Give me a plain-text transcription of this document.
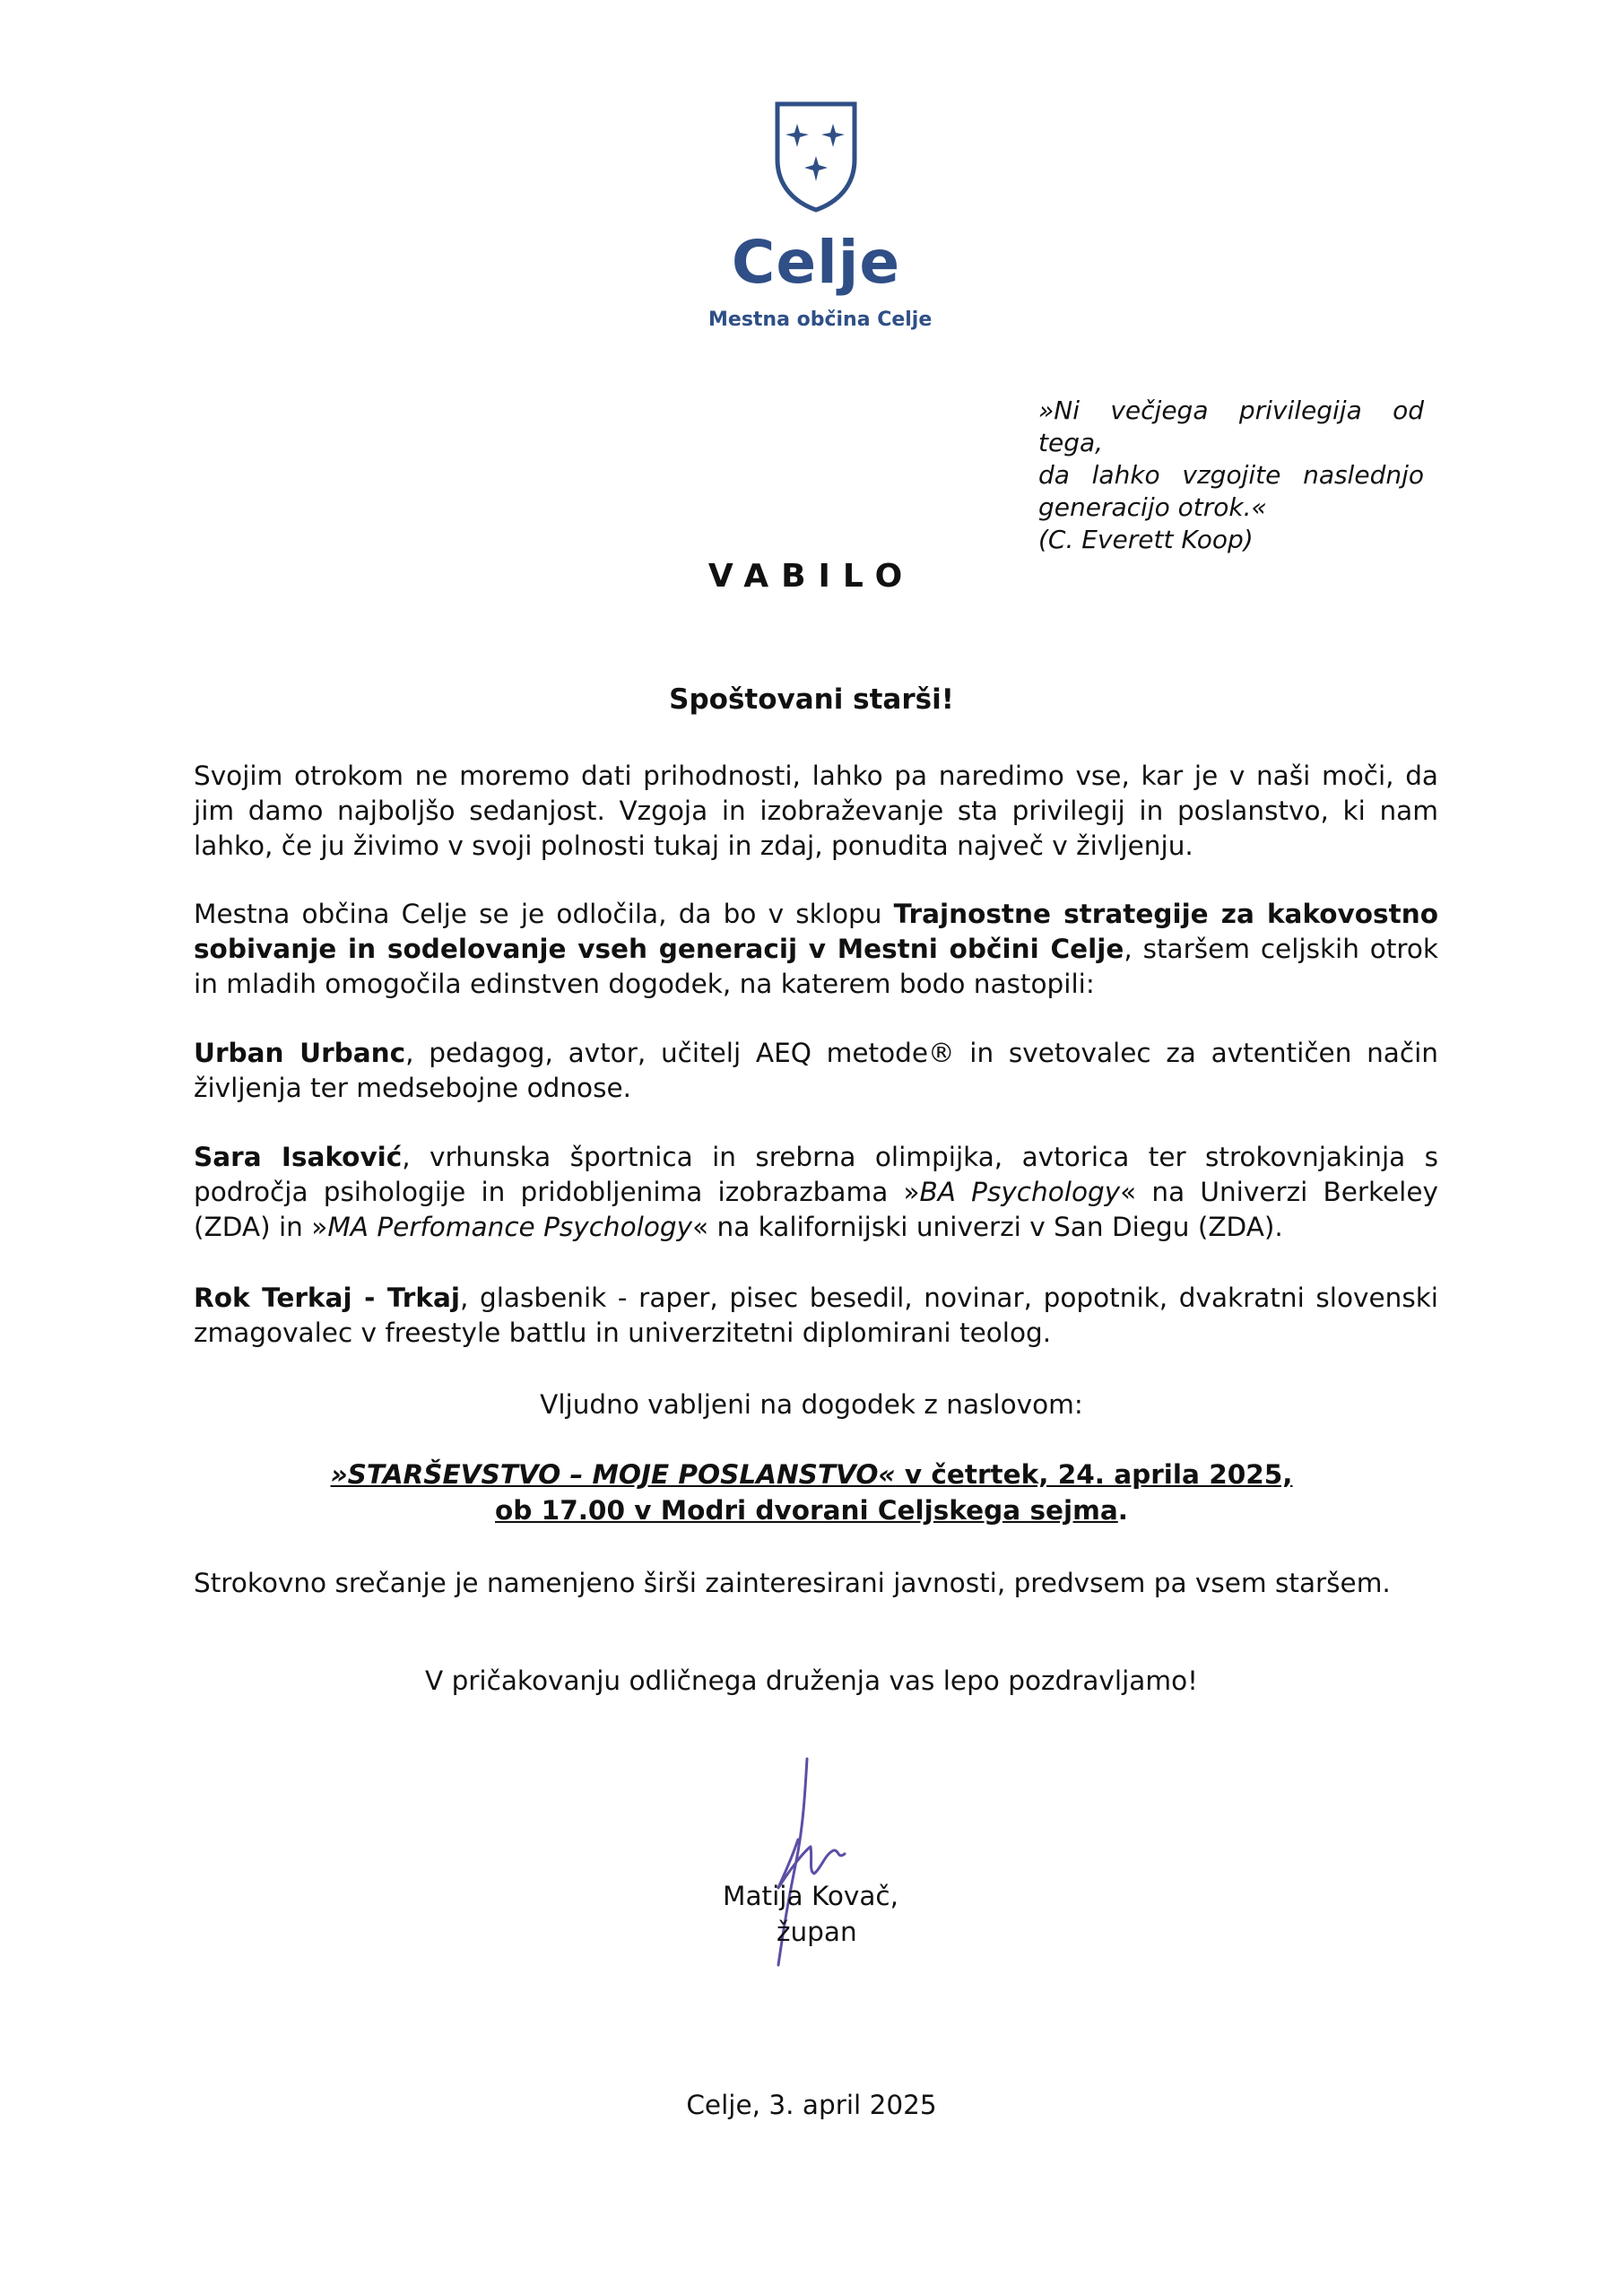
Celje
Mestna občina Celje
»Ni večjega privilegija od tega,
da lahko vzgojite naslednjo
generacijo otrok.«
(C. Everett Koop)
VABILO
Spoštovani starši!
Svojim otrokom ne moremo dati prihodnosti, lahko pa naredimo vse, kar je v naši moči, da jim damo najboljšo sedanjost. Vzgoja in izobraževanje sta privilegij in poslanstvo, ki nam lahko, če ju živimo v svoji polnosti tukaj in zdaj, ponudita največ v življenju.
Mestna občina Celje se je odločila, da bo v sklopu Trajnostne strategije za kakovostno sobivanje in sodelovanje vseh generacij v Mestni občini Celje, staršem celjskih otrok in mladih omogočila edinstven dogodek, na katerem bodo nastopili:
Urban Urbanc, pedagog, avtor, učitelj AEQ metode® in svetovalec za avtentičen način življenja ter medsebojne odnose.
Sara Isaković, vrhunska športnica in srebrna olimpijka, avtorica ter strokovnjakinja s področja psihologije in pridobljenima izobrazbama »BA Psychology« na Univerzi Berkeley (ZDA) in »MA Perfomance Psychology« na kalifornijski univerzi v San Diegu (ZDA).
Rok Terkaj - Trkaj, glasbenik - raper, pisec besedil, novinar, popotnik, dvakratni slovenski zmagovalec v freestyle battlu in univerzitetni diplomirani teolog.
Vljudno vabljeni na dogodek z naslovom:
»STARŠEVSTVO – MOJE POSLANSTVO« v četrtek, 24. aprila 2025,
ob 17.00 v Modri dvorani Celjskega sejma.
Strokovno srečanje je namenjeno širši zainteresirani javnosti, predvsem pa vsem staršem.
V pričakovanju odličnega druženja vas lepo pozdravljamo!
Matija Kovač,
župan
Celje, 3. april 2025
